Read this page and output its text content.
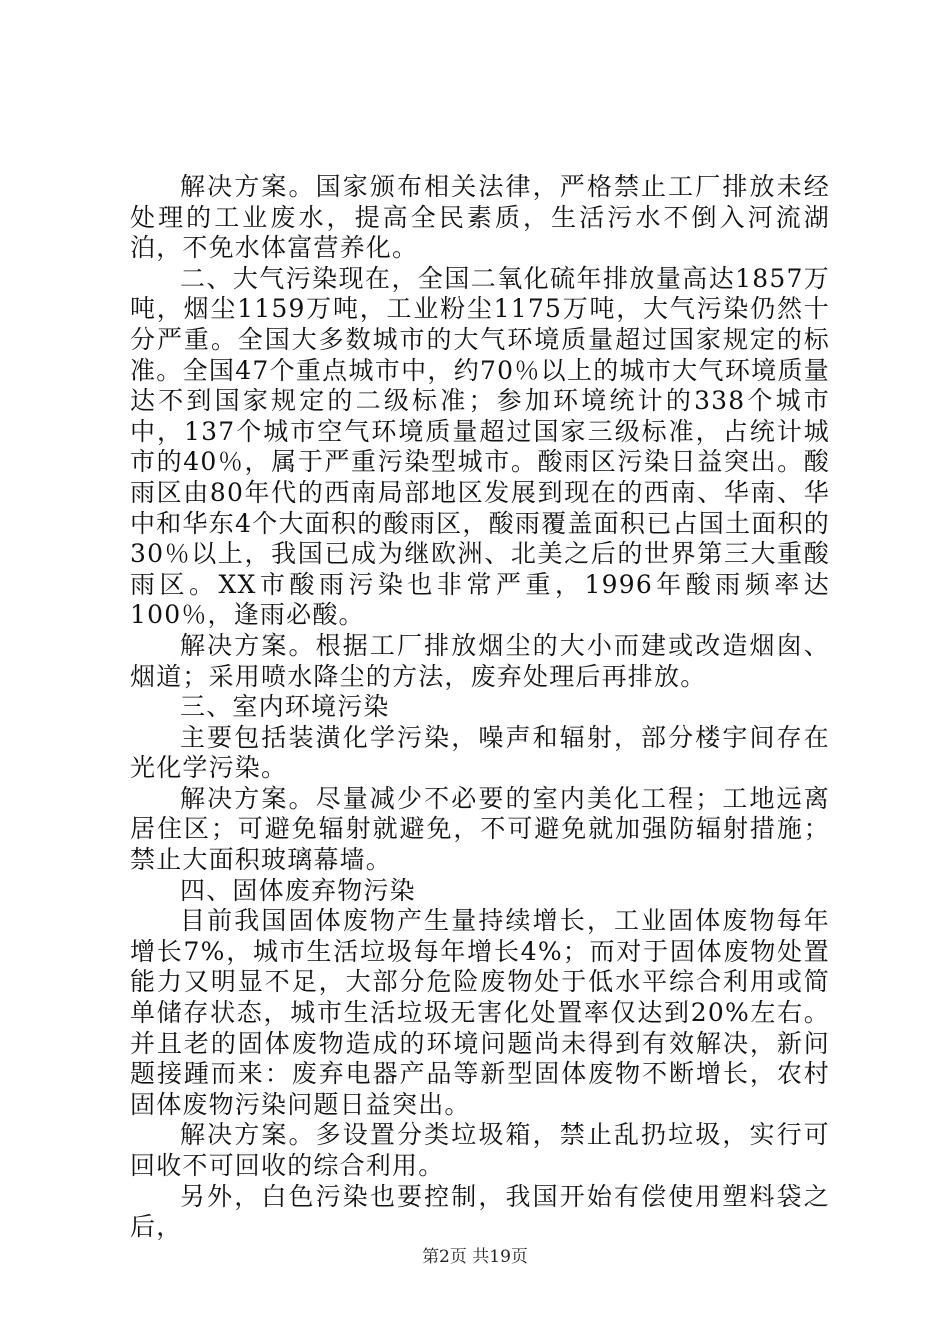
解决方案。国家颁布相关法律，严格禁止工厂排放未经处理的工业废水，提高全民素质，生活污水不倒入河流湖泊，不免水体富营养化。

二、大气污染现在，全国二氧化硫年排放量高达1857万吨，烟尘1159万吨，工业粉尘1175万吨，大气污染仍然十分严重。全国大多数城市的大气环境质量超过国家规定的标准。全国47个重点城市中，约70％以上的城市大气环境质量达不到国家规定的二级标准；参加环境统计的338个城市中，137个城市空气环境质量超过国家三级标准，占统计城市的40％，属于严重污染型城市。酸雨区污染日益突出。酸雨区由80年代的西南局部地区发展到现在的西南、华南、华中和华东4个大面积的酸雨区，酸雨覆盖面积已占国土面积的30％以上，我国已成为继欧洲、北美之后的世界第三大重酸雨区。XX市酸雨污染也非常严重，1996年酸雨频率达100％，逢雨必酸。

解决方案。根据工厂排放烟尘的大小而建或改造烟囱、烟道；采用喷水降尘的方法，废弃处理后再排放。

三、室内环境污染

主要包括装潢化学污染，噪声和辐射，部分楼宇间存在光化学污染。

解决方案。尽量减少不必要的室内美化工程；工地远离居住区；可避免辐射就避免，不可避免就加强防辐射措施；禁止大面积玻璃幕墙。

四、固体废弃物污染

目前我国固体废物产生量持续增长，工业固体废物每年增长7%，城市生活垃圾每年增长4%；而对于固体废物处置能力又明显不足，大部分危险废物处于低水平综合利用或简单储存状态，城市生活垃圾无害化处置率仅达到20%左右。并且老的固体废物造成的环境问题尚未得到有效解决，新问题接踵而来：废弃电器产品等新型固体废物不断增长，农村固体废物污染问题日益突出。

解决方案。多设置分类垃圾箱，禁止乱扔垃圾，实行可回收不可回收的综合利用。

另外，白色污染也要控制，我国开始有偿使用塑料袋之后，

第2页 共19页
